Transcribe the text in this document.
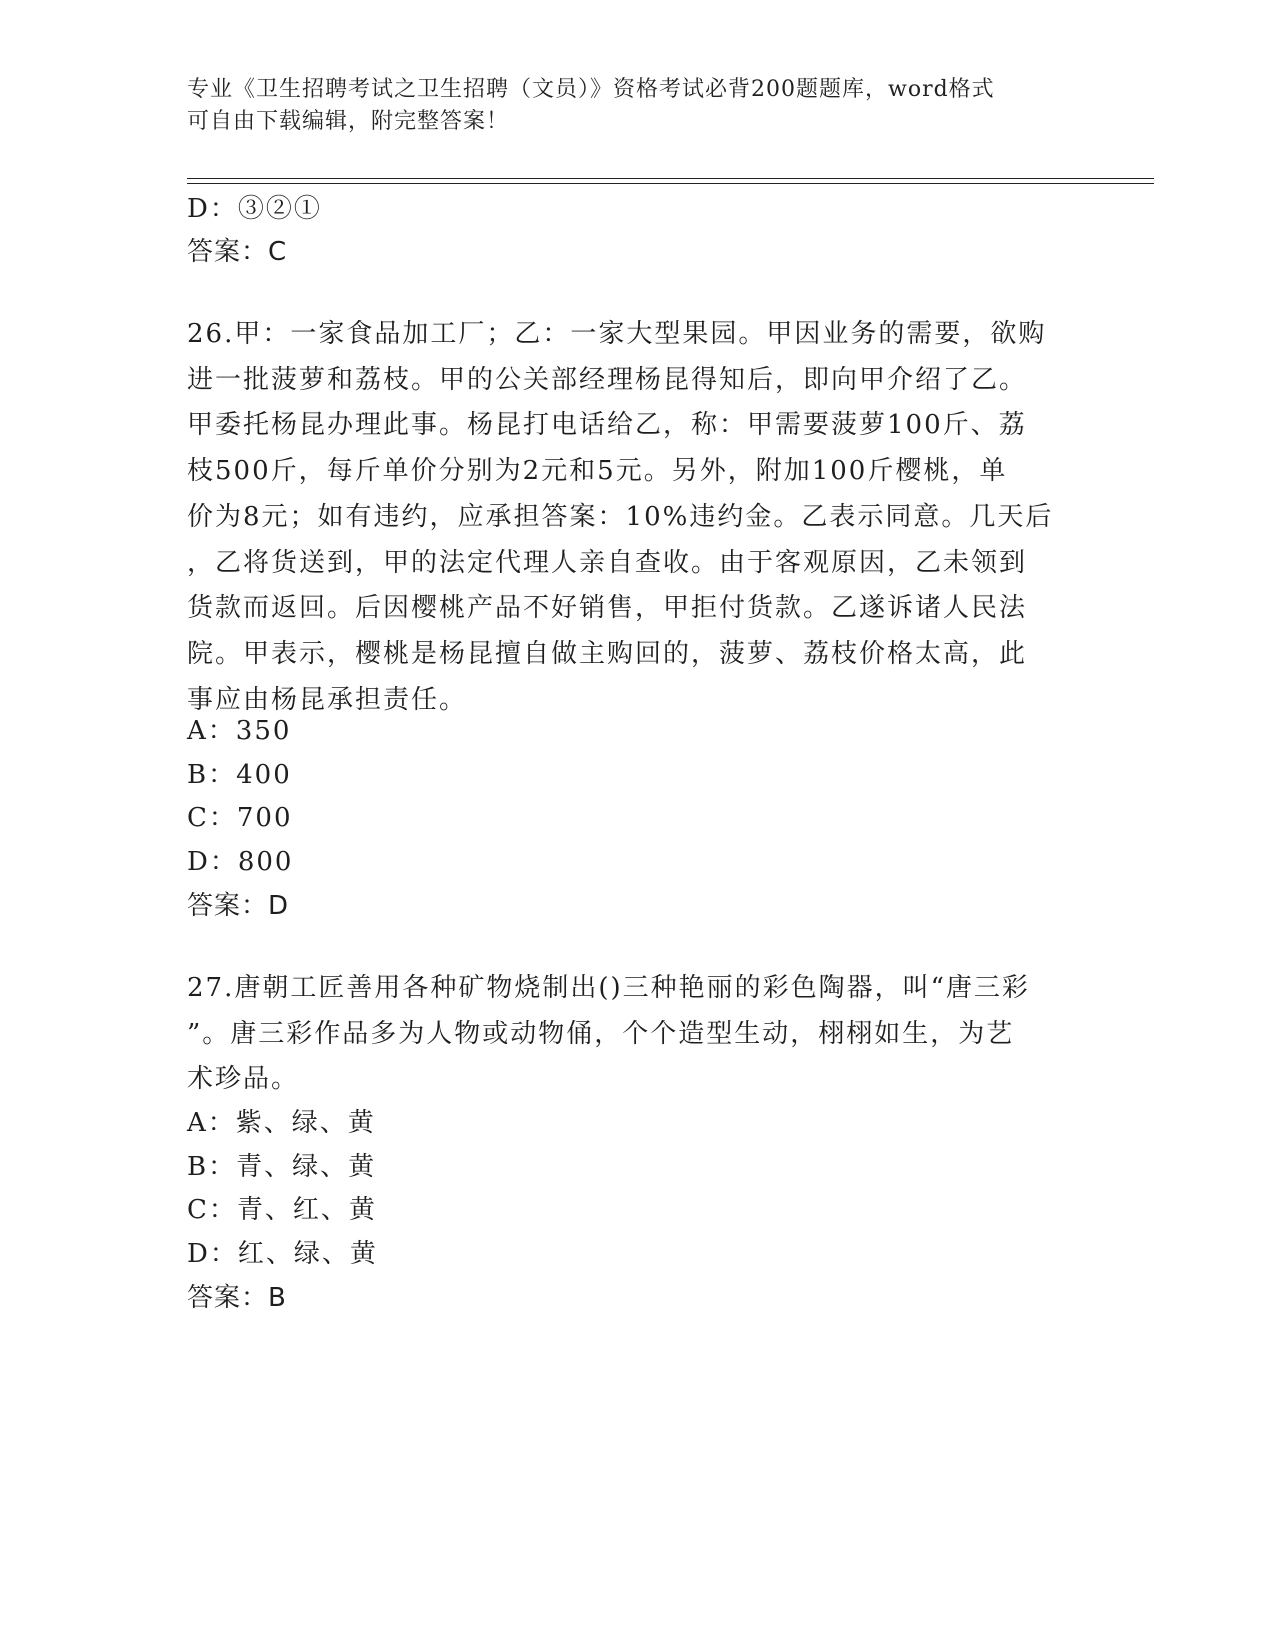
专业《卫生招聘考试之卫生招聘（文员）》资格考试必背200题题库，word格式
可自由下载编辑，附完整答案！
D：③②①
答案：C
26.甲：一家食品加工厂；乙：一家大型果园。甲因业务的需要，欲购
进一批菠萝和荔枝。甲的公关部经理杨昆得知后，即向甲介绍了乙。
甲委托杨昆办理此事。杨昆打电话给乙，称：甲需要菠萝100斤、荔
枝500斤，每斤单价分别为2元和5元。另外，附加100斤樱桃，单
价为8元；如有违约，应承担答案：10%违约金。乙表示同意。几天后
，乙将货送到，甲的法定代理人亲自查收。由于客观原因，乙未领到
货款而返回。后因樱桃产品不好销售，甲拒付货款。乙遂诉诸人民法
院。甲表示，樱桃是杨昆擅自做主购回的，菠萝、荔枝价格太高，此
事应由杨昆承担责任。
A：350
B：400
C：700
D：800
答案：D
27.唐朝工匠善用各种矿物烧制出()三种艳丽的彩色陶器，叫“唐三彩
”。唐三彩作品多为人物或动物俑，个个造型生动，栩栩如生，为艺
术珍品。
A：紫、绿、黄
B：青、绿、黄
C：青、红、黄
D：红、绿、黄
答案：B
